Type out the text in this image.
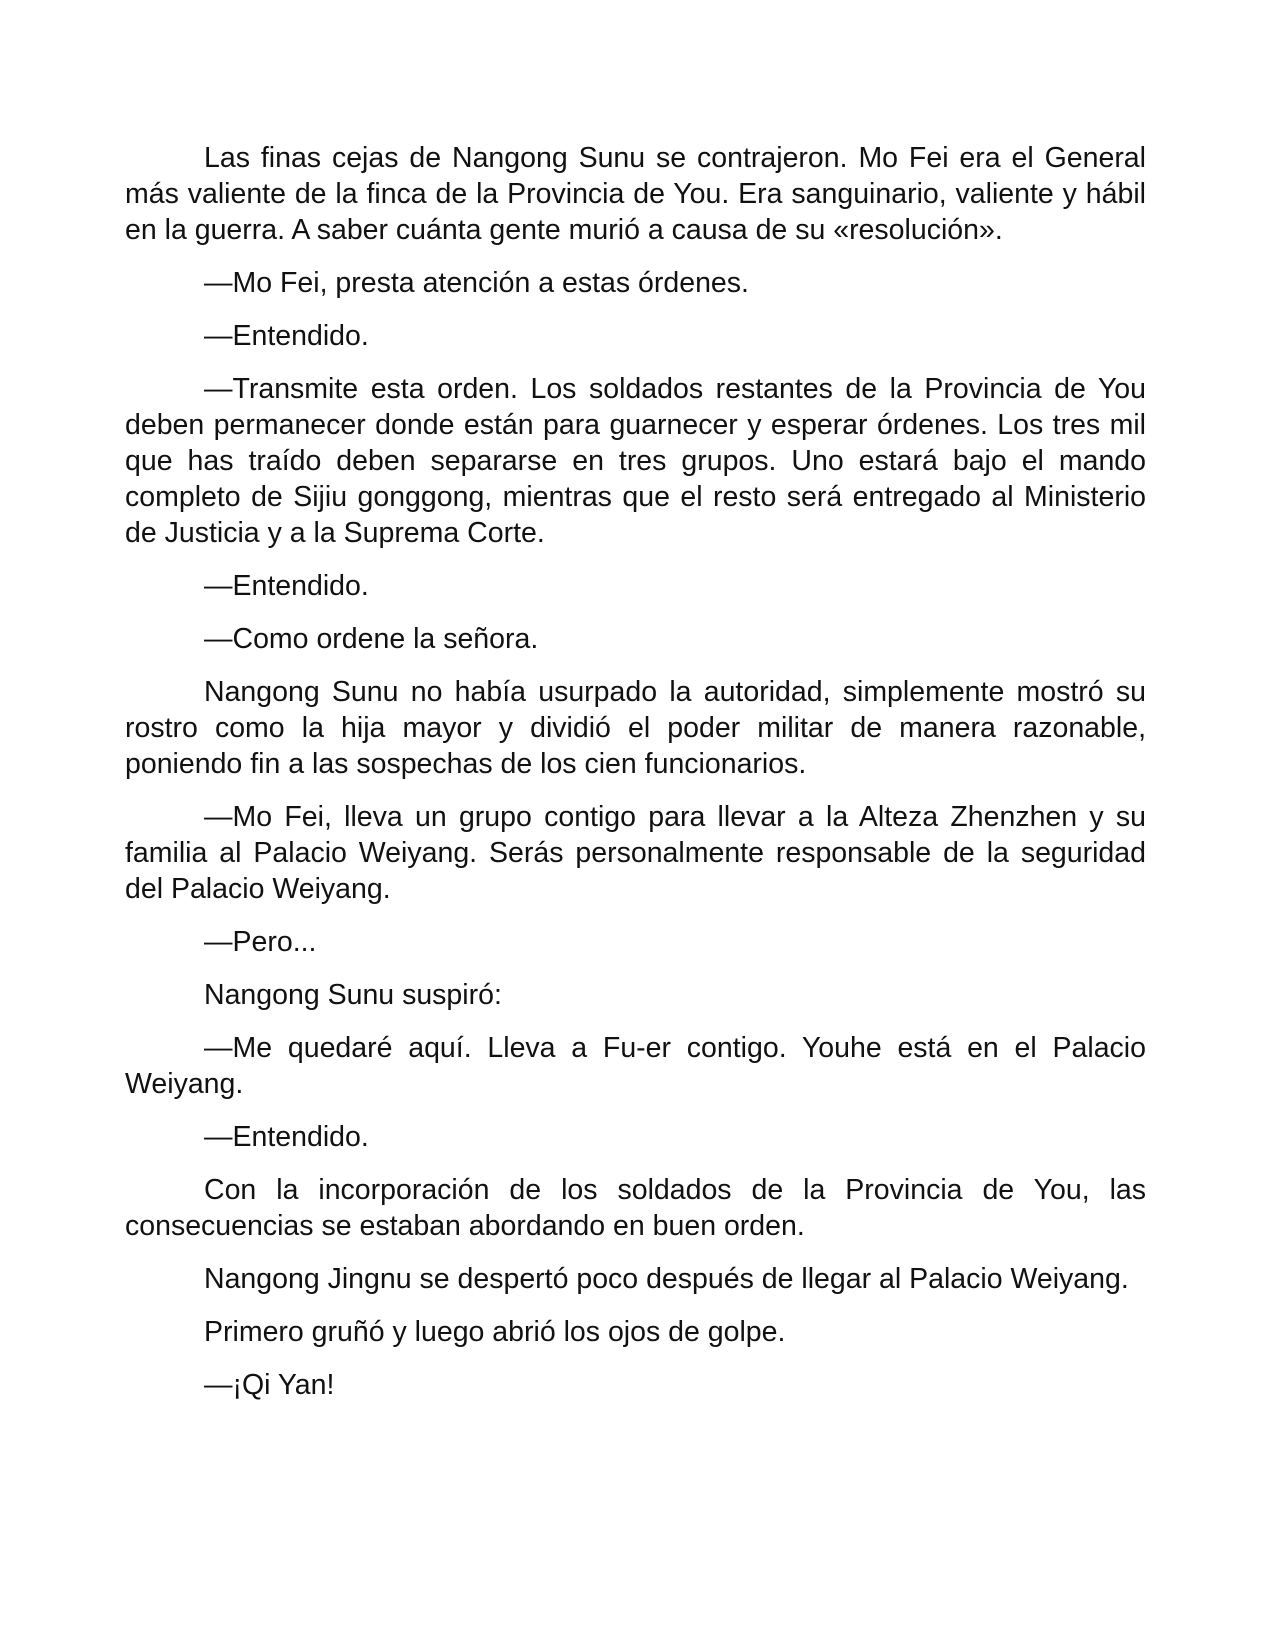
Las finas cejas de Nangong Sunu se contrajeron. Mo Fei era el General más valiente de la finca de la Provincia de You. Era sanguinario, valiente y hábil en la guerra. A saber cuánta gente murió a causa de su «resolución».

—Mo Fei, presta atención a estas órdenes.

—Entendido.

—Transmite esta orden. Los soldados restantes de la Provincia de You deben permanecer donde están para guarnecer y esperar órdenes. Los tres mil que has traído deben separarse en tres grupos. Uno estará bajo el mando completo de Sijiu gonggong, mientras que el resto será entregado al Ministerio de Justicia y a la Suprema Corte.

—Entendido.

—Como ordene la señora.

Nangong Sunu no había usurpado la autoridad, simplemente mostró su rostro como la hija mayor y dividió el poder militar de manera razonable, poniendo fin a las sospechas de los cien funcionarios.

—Mo Fei, lleva un grupo contigo para llevar a la Alteza Zhenzhen y su familia al Palacio Weiyang. Serás personalmente responsable de la seguridad del Palacio Weiyang.

—Pero...

Nangong Sunu suspiró:

—Me quedaré aquí. Lleva a Fu-er contigo. Youhe está en el Palacio Weiyang.

—Entendido.

Con la incorporación de los soldados de la Provincia de You, las consecuencias se estaban abordando en buen orden.

Nangong Jingnu se despertó poco después de llegar al Palacio Weiyang.

Primero gruñó y luego abrió los ojos de golpe.

—¡Qi Yan!
